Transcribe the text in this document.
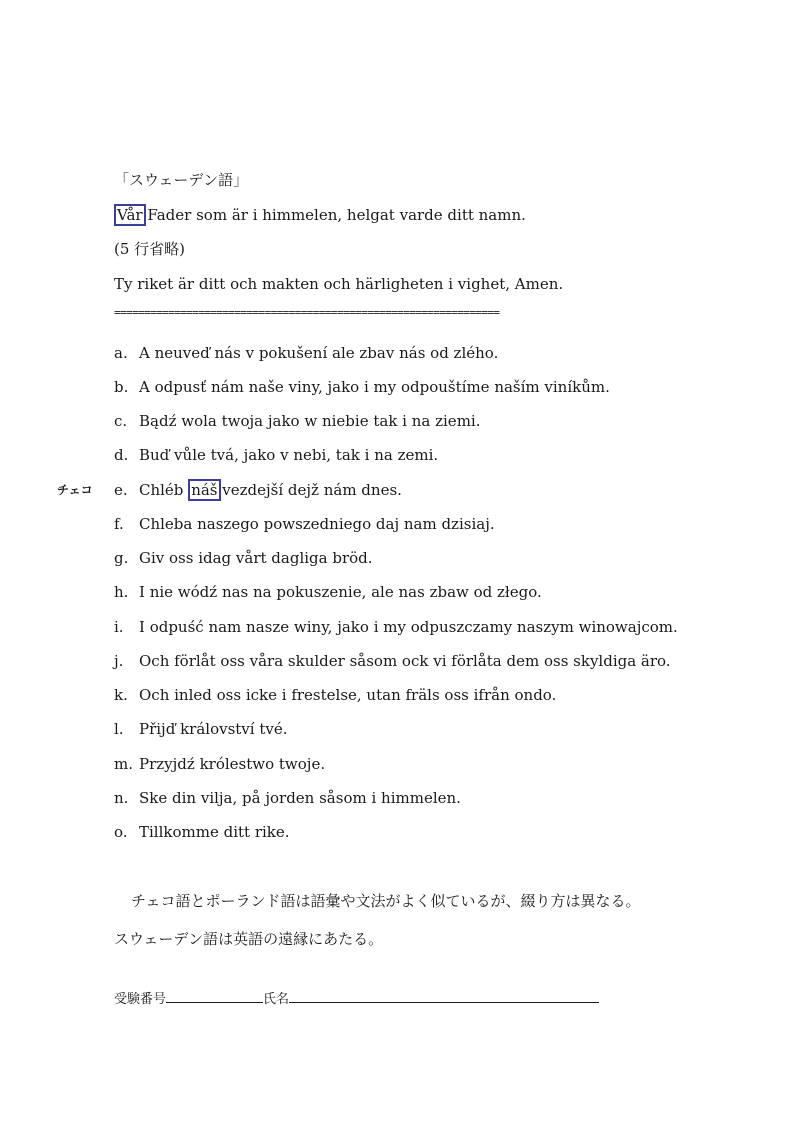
「スウェーデン語」
Vår Fader som är i himmelen, helgat varde ditt namn.
(5 行省略)
Ty riket är ditt och makten och härligheten i vighet, Amen.
================================================================
a. A neuveď nás v pokušení ale zbav nás od zlého.
b. A odpusť nám naše viny, jako i my odpouštíme naším viníkům.
c. Bądź wola twoja jako w niebie tak i na ziemi.
d. Buď vůle tvá, jako v nebi, tak i na zemi.
チェコ e. Chléb náš vezdejší dejž nám dnes.
f. Chleba naszego powszedniego daj nam dzisiaj.
g. Giv oss idag vårt dagliga bröd.
h. I nie wódź nas na pokuszenie, ale nas zbaw od złego.
i. I odpuść nam nasze winy, jako i my odpuszczamy naszym winowajcom.
j. Och förlåt oss våra skulder såsom ock vi förlåta dem oss skyldiga äro.
k. Och inled oss icke i frestelse, utan fräls oss ifrån ondo.
l. Přijď království tvé.
m. Przyjdź królestwo twoje.
n. Ske din vilja, på jorden såsom i himmelen.
o. Tillkomme ditt rike.
チェコ語とポーランド語は語彙や文法がよく似ているが、綴り方は異なる。
スウェーデン語は英語の遠縁にあたる。
受験番号	氏名
